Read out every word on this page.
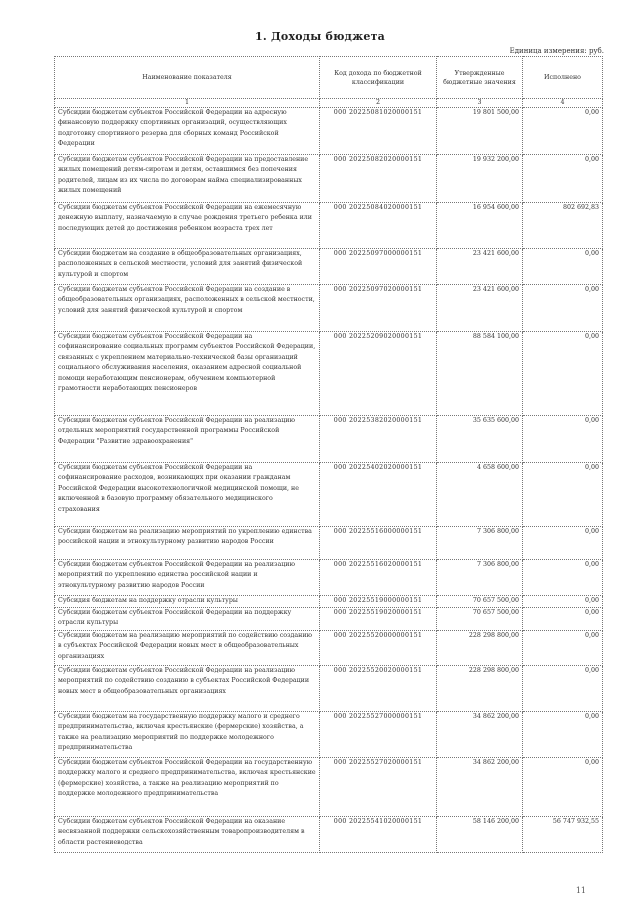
1. Доходы бюджета
Единица измерения: руб.
Наименование показателя	Код дохода по бюджетной классификации	Утвержденные бюджетные значения	Исполнено
1	2	3	4
Субсидии бюджетам субъектов Российской Федерации на адресную финансовую поддержку спортивных организаций, осуществляющих подготовку спортивного резерва для сборных команд Российской Федерации	000 20225081020000151	19 801 500,00	0,00
Субсидии бюджетам субъектов Российской Федерации на предоставление жилых помещений детям-сиротам и детям, оставшимся без попечения родителей, лицам из их числа по договорам найма специализированных жилых помещений	000 20225082020000151	19 932 200,00	0,00
Субсидии бюджетам субъектов Российской Федерации на ежемесячную денежную выплату, назначаемую в случае рождения третьего ребенка или последующих детей до достижения ребенком возраста трех лет	000 20225084020000151	16 954 600,00	802 692,83
Субсидии бюджетам на создание в общеобразовательных организациях, расположенных в сельской местности, условий для занятий физической культурой и спортом	000 20225097000000151	23 421 600,00	0,00
Субсидии бюджетам субъектов Российской Федерации на создание в общеобразовательных организациях, расположенных в сельской местности, условий для занятий физической культурой и спортом	000 20225097020000151	23 421 600,00	0,00
Субсидии бюджетам субъектов Российской Федерации на софинансирование социальных программ субъектов Российской Федерации, связанных с укреплением материально-технической базы организаций социального обслуживания населения, оказанием адресной социальной помощи неработающим пенсионерам, обучением компьютерной грамотности неработающих пенсионеров	000 20225209020000151	88 584 100,00	0,00
Субсидии бюджетам субъектов Российской Федерации на реализацию отдельных мероприятий государственной программы Российской Федерации "Развитие здравоохранения"	000 20225382020000151	35 635 600,00	0,00
Субсидии бюджетам субъектов Российской Федерации на софинансирование расходов, возникающих при оказании гражданам Российской Федерации высокотехнологичной медицинской помощи, не включенной в базовую программу обязательного медицинского страхования	000 20225402020000151	4 658 600,00	0,00
Субсидии бюджетам на реализацию мероприятий по укреплению единства российской нации и этнокультурному развитию народов России	000 20225516000000151	7 306 800,00	0,00
Субсидии бюджетам субъектов Российской Федерации на реализацию мероприятий по укреплению единства российской нации и этнокультурному развитию народов России	000 20225516020000151	7 306 800,00	0,00
Субсидия бюджетам на поддержку отрасли культуры	000 20225519000000151	70 657 500,00	0,00
Субсидии бюджетам субъектов Российской Федерации на поддержку отрасли культуры	000 20225519020000151	70 657 500,00	0,00
Субсидии бюджетам на реализацию мероприятий по содействию созданию в субъектах Российской Федерации новых мест в общеобразовательных организациях	000 20225520000000151	228 298 800,00	0,00
Субсидии бюджетам субъектов Российской Федерации на реализацию мероприятий по содействию созданию в субъектах Российской Федерации новых мест в общеобразовательных организациях	000 20225520020000151	228 298 800,00	0,00
Субсидии бюджетам на государственную поддержку малого и среднего предпринимательства, включая крестьянские (фермерские) хозяйства, а также на реализацию мероприятий по поддержке молодежного предпринимательства	000 20225527000000151	34 862 200,00	0,00
Субсидии бюджетам субъектов Российской Федерации на государственную поддержку малого и среднего предпринимательства, включая крестьянские (фермерские) хозяйства, а также на реализацию мероприятий по поддержке молодежного предпринимательства	000 20225527020000151	34 862 200,00	0,00
Субсидии бюджетам субъектов Российской Федерации на оказание несвязанной поддержки сельскохозяйственным товаропроизводителям в области растениеводства	000 20225541020000151	58 146 200,00	56 747 932,55
11
